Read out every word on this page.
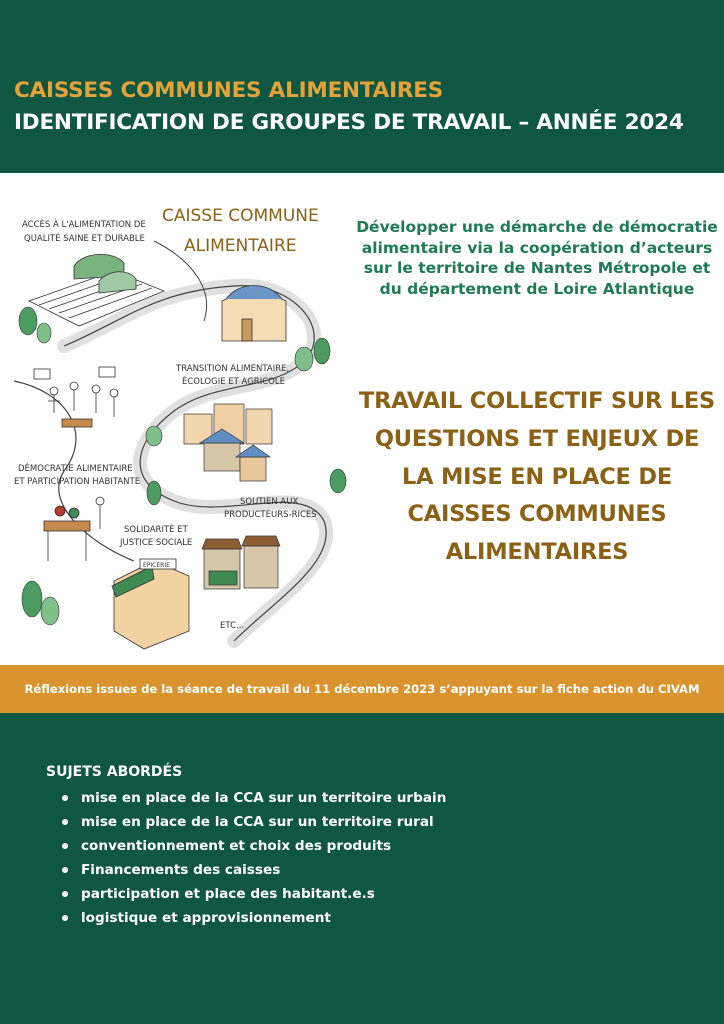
CAISSES COMMUNES ALIMENTAIRES
IDENTIFICATION DE GROUPES DE TRAVAIL – ANNÉE 2024
CAISSE COMMUNE
ALIMENTAIRE
ACCÈS À L'ALIMENTATION DE
QUALITÉ SAINE ET DURABLE
TRANSITION ALIMENTAIRE,
ÉCOLOGIE ET AGRICOLE
DÉMOCRATIE ALIMENTAIRE
ET PARTICIPATION HABITANTE
SOUTIEN AUX
PRODUCTEURS-RICES
SOLIDARITÉ ET
JUSTICE SOCIALE
ETC...
ÉPICERIE
Développer une démarche de démocratie alimentaire via la coopération d’acteurs sur le territoire de Nantes Métropole et du département de Loire Atlantique
TRAVAIL COLLECTIF SUR LES
QUESTIONS ET ENJEUX DE
LA MISE EN PLACE DE
CAISSES COMMUNES
ALIMENTAIRES
Réflexions issues de la séance de travail du 11 décembre 2023 s’appuyant sur la fiche action du CIVAM
SUJETS ABORDÉS
mise en place de la CCA sur un territoire urbain
mise en place de la CCA sur un territoire rural
conventionnement et choix des produits
Financements des caisses
participation et place des habitant.e.s
logistique et approvisionnement
